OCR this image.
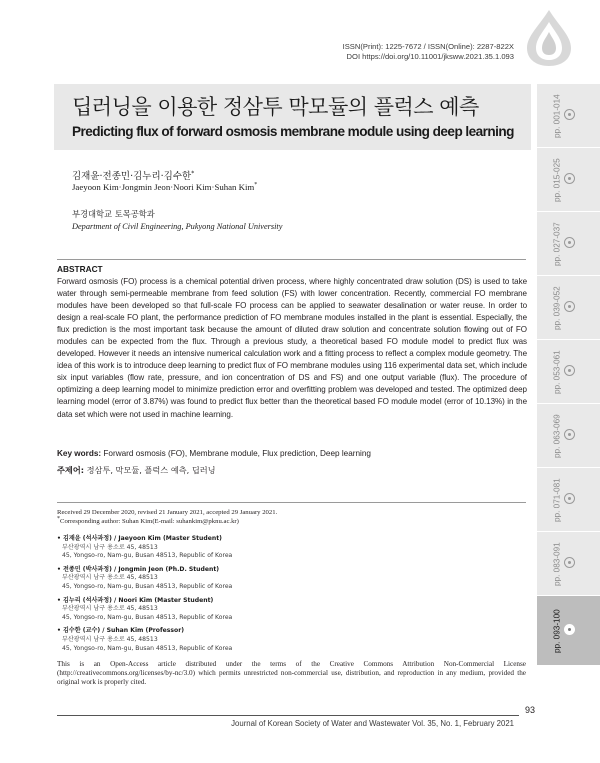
ISSN(Print): 1225-7672 / ISSN(Online): 2287-822X
DOI https://doi.org/10.11001/jksww.2021.35.1.093
딥러닝을 이용한 정삼투 막모듈의 플럭스 예측
Predicting flux of forward osmosis membrane module using deep learning
김재윤·전종민·김누리·김수한*
Jaeyoon Kim·Jongmin Jeon·Noori Kim·Suhan Kim*
부경대학교 토목공학과
Department of Civil Engineering, Pukyong National University
ABSTRACT
Forward osmosis (FO) process is a chemical potential driven process, where highly concentrated draw solution (DS) is used to take water through semi-permeable membrane from feed solution (FS) with lower concentration. Recently, commercial FO membrane modules have been developed so that full-scale FO process can be applied to seawater desalination or water reuse. In order to design a real-scale FO plant, the performance prediction of FO membrane modules installed in the plant is essential. Especially, the flux prediction is the most important task because the amount of diluted draw solution and concentrate solution flowing out of FO modules can be expected from the flux. Through a previous study, a theoretical based FO module model to predict flux was developed. However it needs an intensive numerical calculation work and a fitting process to reflect a complex module geometry. The idea of this work is to introduce deep learning to predict flux of FO membrane modules using 116 experimental data set, which include six input variables (flow rate, pressure, and ion concentration of DS and FS) and one output variable (flux). The procedure of optimizing a deep learning model to minimize prediction error and overfitting problem was developed and tested. The optimized deep learning model (error of 3.87%) was found to predict flux better than the theoretical based FO module model (error of 10.13%) in the data set which were not used in machine learning.
Key words: Forward osmosis (FO), Membrane module, Flux prediction, Deep learning
주제어: 정삼투, 막모듈, 플럭스 예측, 딥러닝
Received 29 December 2020, revised 21 January 2021, accepted 29 January 2021.
*Corresponding author: Suhan Kim(E-mail: suhankim@pknu.ac.kr)
• 김재윤 (석사과정) / Jaeyoon Kim (Master Student)
부산광역시 남구 용소로 45, 48513
45, Yongso-ro, Nam-gu, Busan 48513, Republic of Korea
• 전종민 (박사과정) / Jongmin Jeon (Ph.D. Student)
부산광역시 남구 용소로 45, 48513
45, Yongso-ro, Nam-gu, Busan 48513, Republic of Korea
• 김누리 (석사과정) / Noori Kim (Master Student)
부산광역시 남구 용소로 45, 48513
45, Yongso-ro, Nam-gu, Busan 48513, Republic of Korea
• 김수한 (교수) / Suhan Kim (Professor)
부산광역시 남구 용소로 45, 48513
45, Yongso-ro, Nam-gu, Busan 48513, Republic of Korea
This is an Open-Access article distributed under the terms of the Creative Commons Attribution Non-Commercial License (http://creativecommons.org/licenses/by-nc/3.0) which permits unrestricted non-commercial use, distribution, and reproduction in any medium, provided the original work is properly cited.
93
Journal of Korean Society of Water and Wastewater Vol. 35, No. 1, February 2021
pp. 001-014
pp. 015-025
pp. 027-037
pp. 039-052
pp. 053-061
pp. 063-069
pp. 071-081
pp. 083-091
pp. 093-100
